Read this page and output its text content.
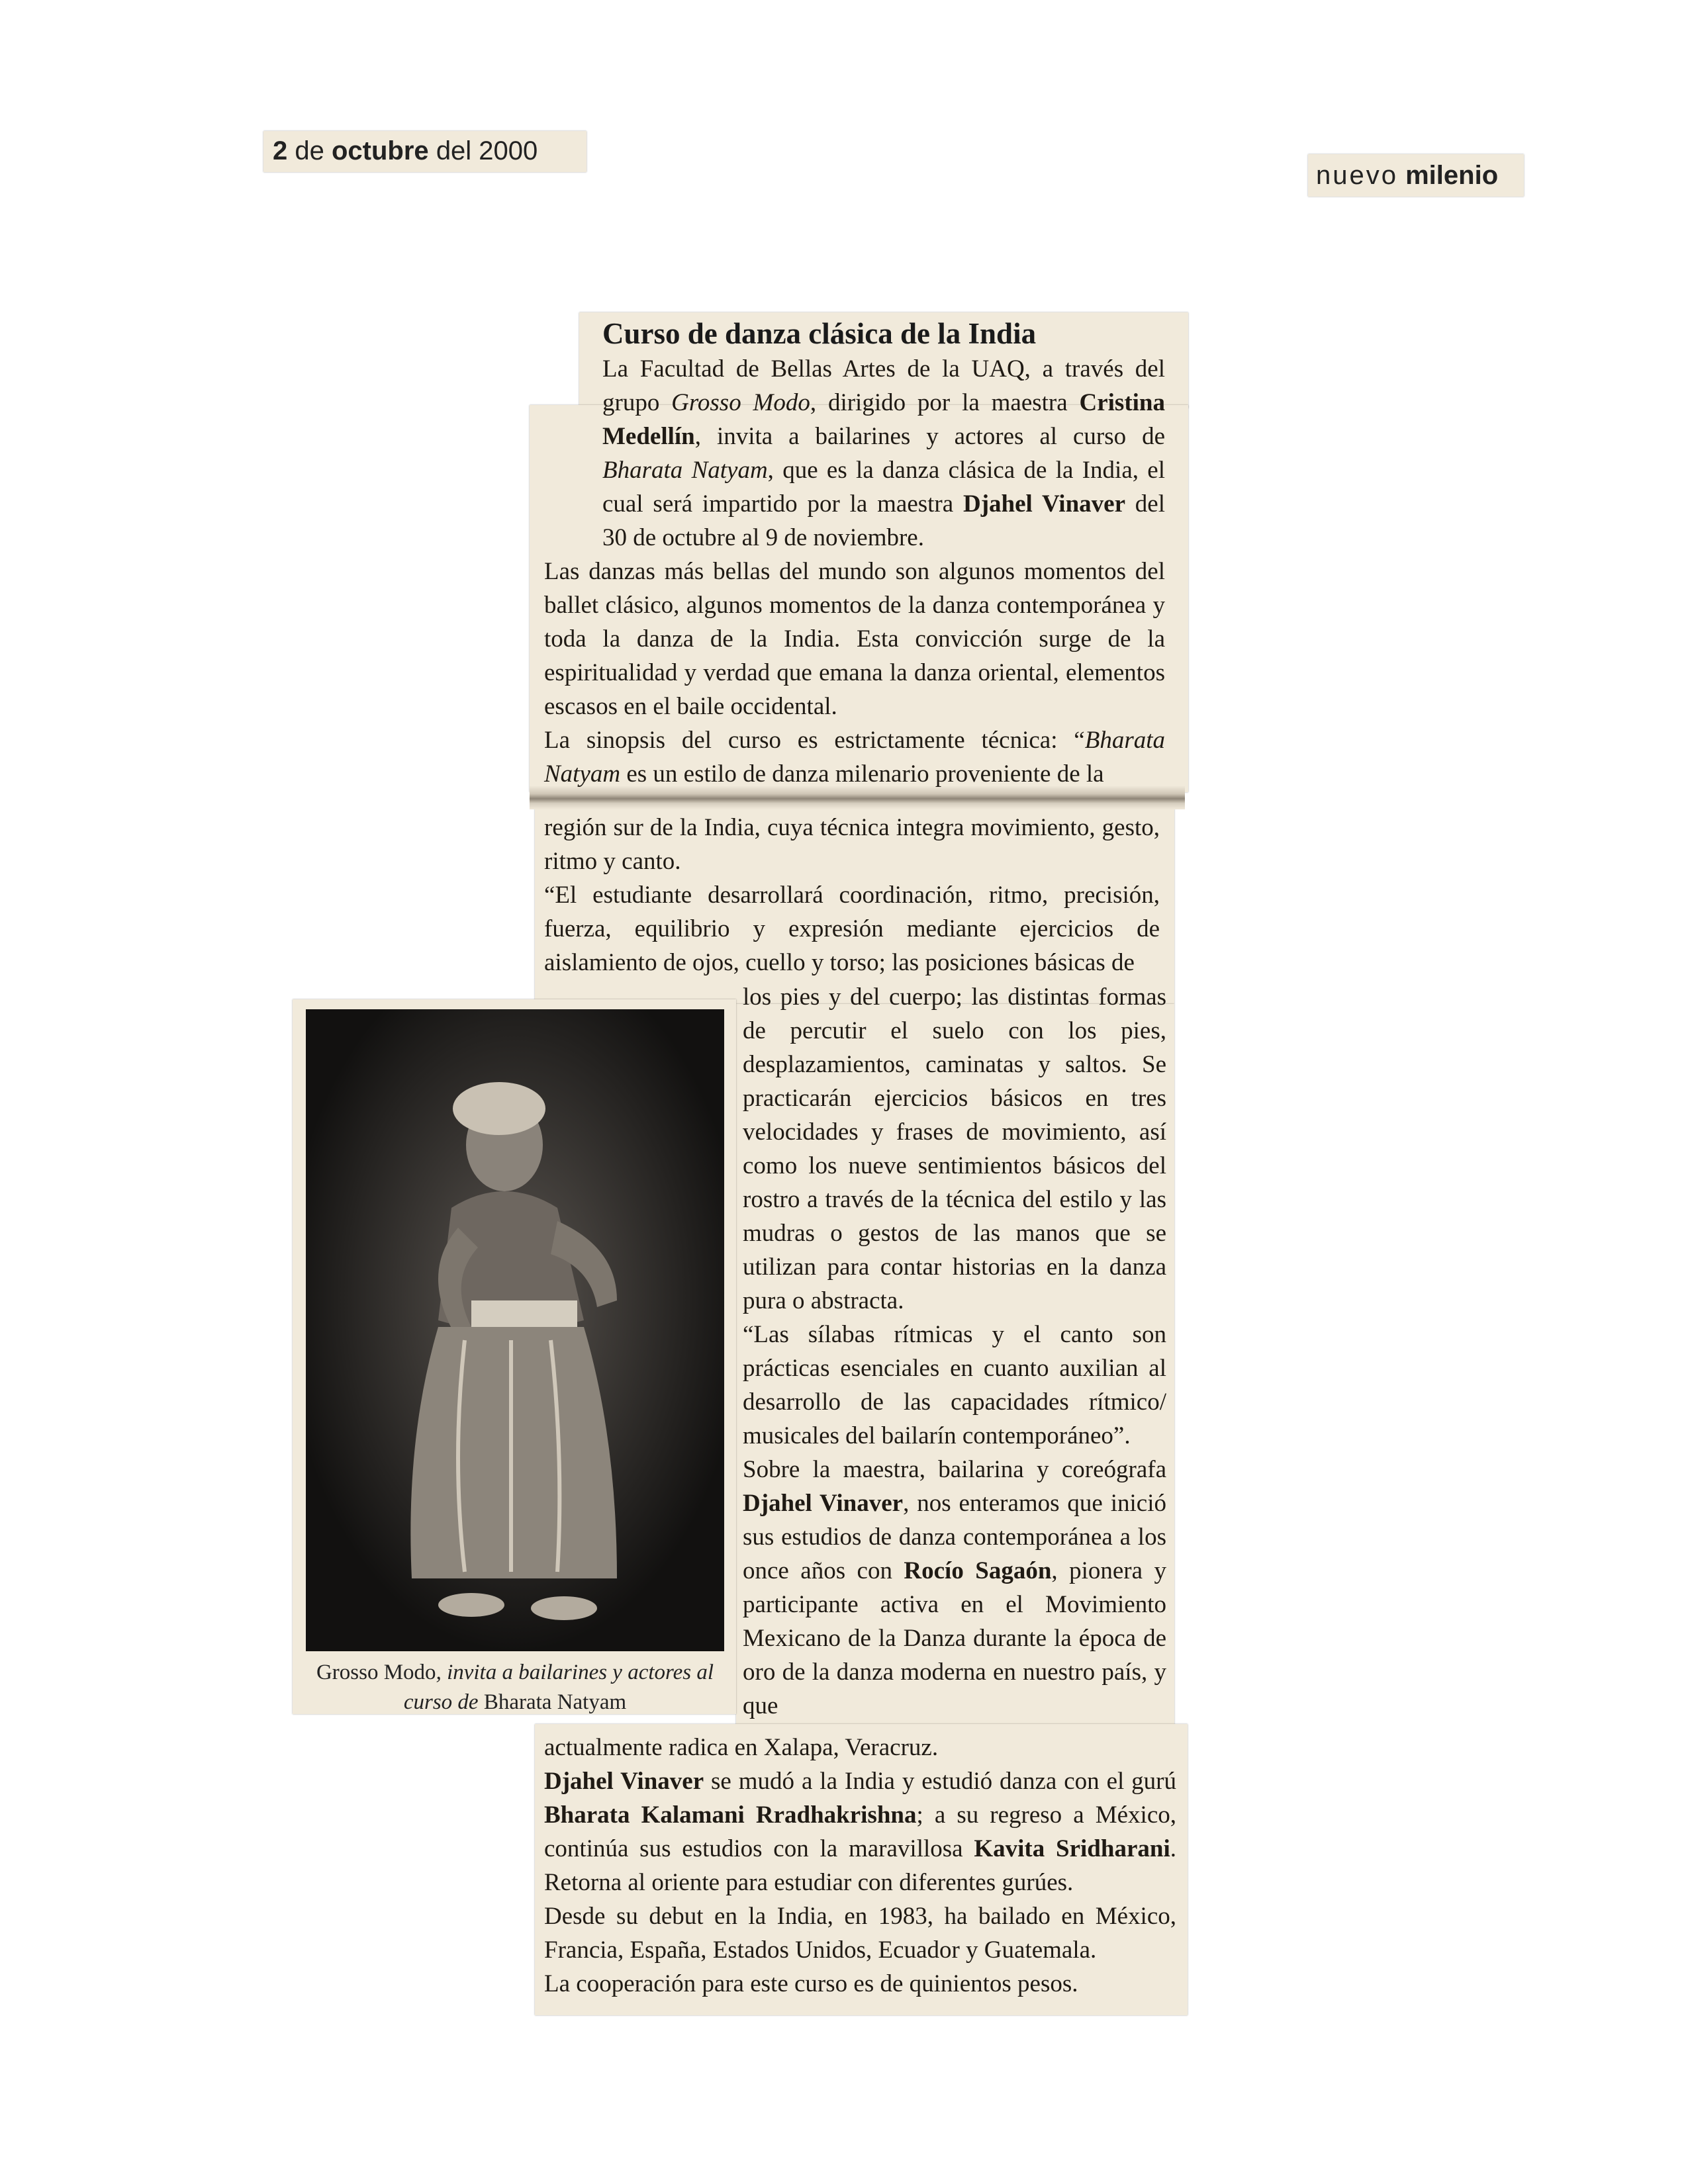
2 de octubre del 2000
nuevo milenio
Curso de danza clásica de la India

La Facultad de Bellas Artes de la UAQ, a través del grupo Grosso Modo, dirigido por la maestra Cristina Medellín, invita a bailarines y actores al curso de Bharata Natyam, que es la danza clásica de la India, el cual será impartido por la maestra Djahel Vinaver del 30 de octubre al 9 de noviembre.

Las danzas más bellas del mundo son algunos momentos del ballet clásico, algunos momentos de la danza contemporánea y toda la danza de la India. Esta convicción surge de la espiritualidad y verdad que emana la danza oriental, elementos escasos en el baile occidental.

La sinopsis del curso es estrictamente técnica: “Bharata Natyam es un estilo de danza milenario proveniente de la

región sur de la India, cuya técnica integra movimiento, gesto, ritmo y canto.

“El estudiante desarrollará coordinación, ritmo, precisión, fuerza, equilibrio y expresión mediante ejercicios de aislamiento de ojos, cuello y torso; las posiciones básicas de

los pies y del cuerpo; las distintas formas de percutir el suelo con los pies, desplazamientos, caminatas y saltos. Se practicarán ejercicios básicos en tres velocidades y frases de movimiento, así como los nueve sentimientos básicos del rostro a través de la técnica del estilo y las mudras o gestos de las manos que se utilizan para contar historias en la danza pura o abstracta.

“Las sílabas rítmicas y el canto son prácticas esenciales en cuanto auxilian al desarrollo de las capacidades rítmico/ musicales del bailarín contemporáneo”.

Sobre la maestra, bailarina y coreógrafa Djahel Vinaver, nos enteramos que inició sus estudios de danza contemporánea a los once años con Rocío Sagaón, pionera y participante activa en el Movimiento Mexicano de la Danza durante la época de oro de la danza moderna en nuestro país, y que

actualmente radica en Xalapa, Veracruz.

Djahel Vinaver se mudó a la India y estudió danza con el gurú Bharata Kalamani Rradhakrishna; a su regreso a México, continúa sus estudios con la maravillosa Kavita Sridharani. Retorna al oriente para estudiar con diferentes gurúes.

Desde su debut en la India, en 1983, ha bailado en México, Francia, España, Estados Unidos, Ecuador y Guatemala.

La cooperación para este curso es de quinientos pesos.

Grosso Modo, invita a bailarines y actores al curso de Bharata Natyam
